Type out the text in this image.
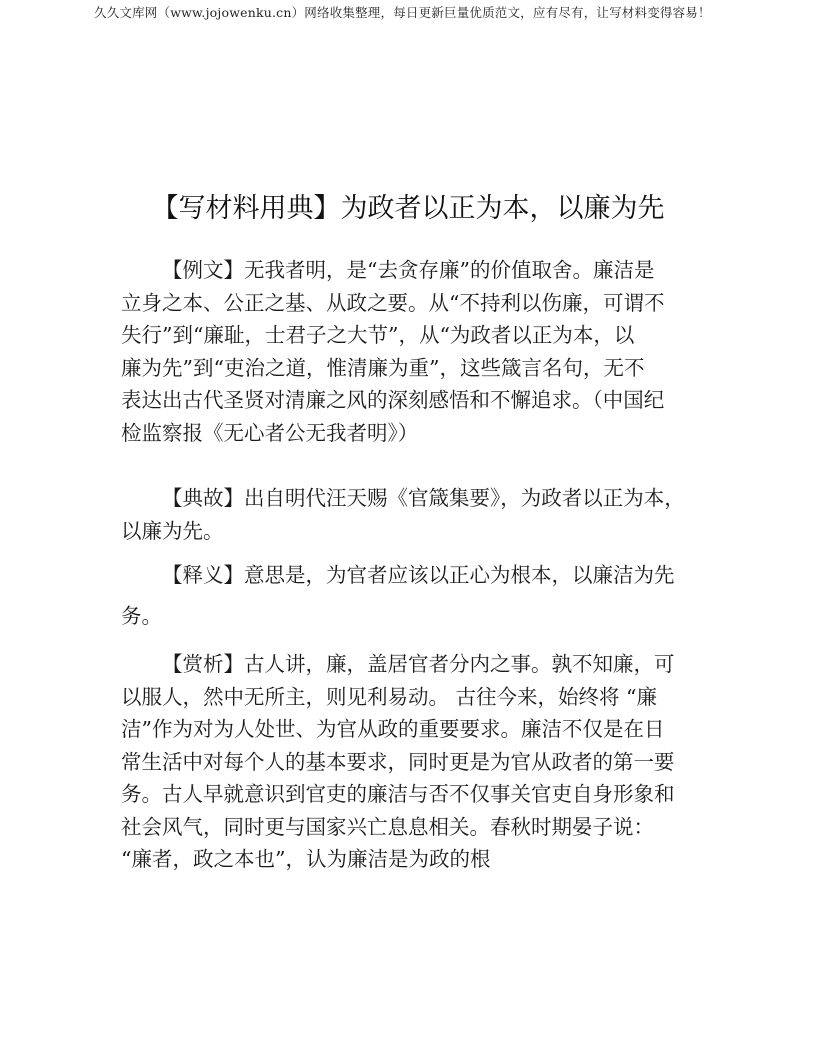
久久文库网（www.jojowenku.cn）网络收集整理，每日更新巨量优质范文，应有尽有，让写材料变得容易！
【写材料用典】为政者以正为本，以廉为先
【例文】无我者明，是“去贪存廉”的价值取舍。廉洁是
立身之本、公正之基、从政之要。从“不持利以伤廉，可谓不
失行”到“廉耻，士君子之大节”，从“为政者以正为本，以
廉为先”到“吏治之道，惟清廉为重”，这些箴言名句，无不
表达出古代圣贤对清廉之风的深刻感悟和不懈追求。（中国纪
检监察报《无心者公无我者明》）
【典故】出自明代汪天赐《官箴集要》，为政者以正为本，
以廉为先。
【释义】意思是，为官者应该以正心为根本，以廉洁为先
务。
【赏析】古人讲，廉，盖居官者分内之事。孰不知廉，可
以服人，然中无所主，则见利易动。 古往今来，始终将 “廉
洁”作为对为人处世、为官从政的重要要求。廉洁不仅是在日
常生活中对每个人的基本要求，同时更是为官从政者的第一要
务。古人早就意识到官吏的廉洁与否不仅事关官吏自身形象和
社会风气，同时更与国家兴亡息息相关。春秋时期晏子说：
“廉者，政之本也”，认为廉洁是为政的根
